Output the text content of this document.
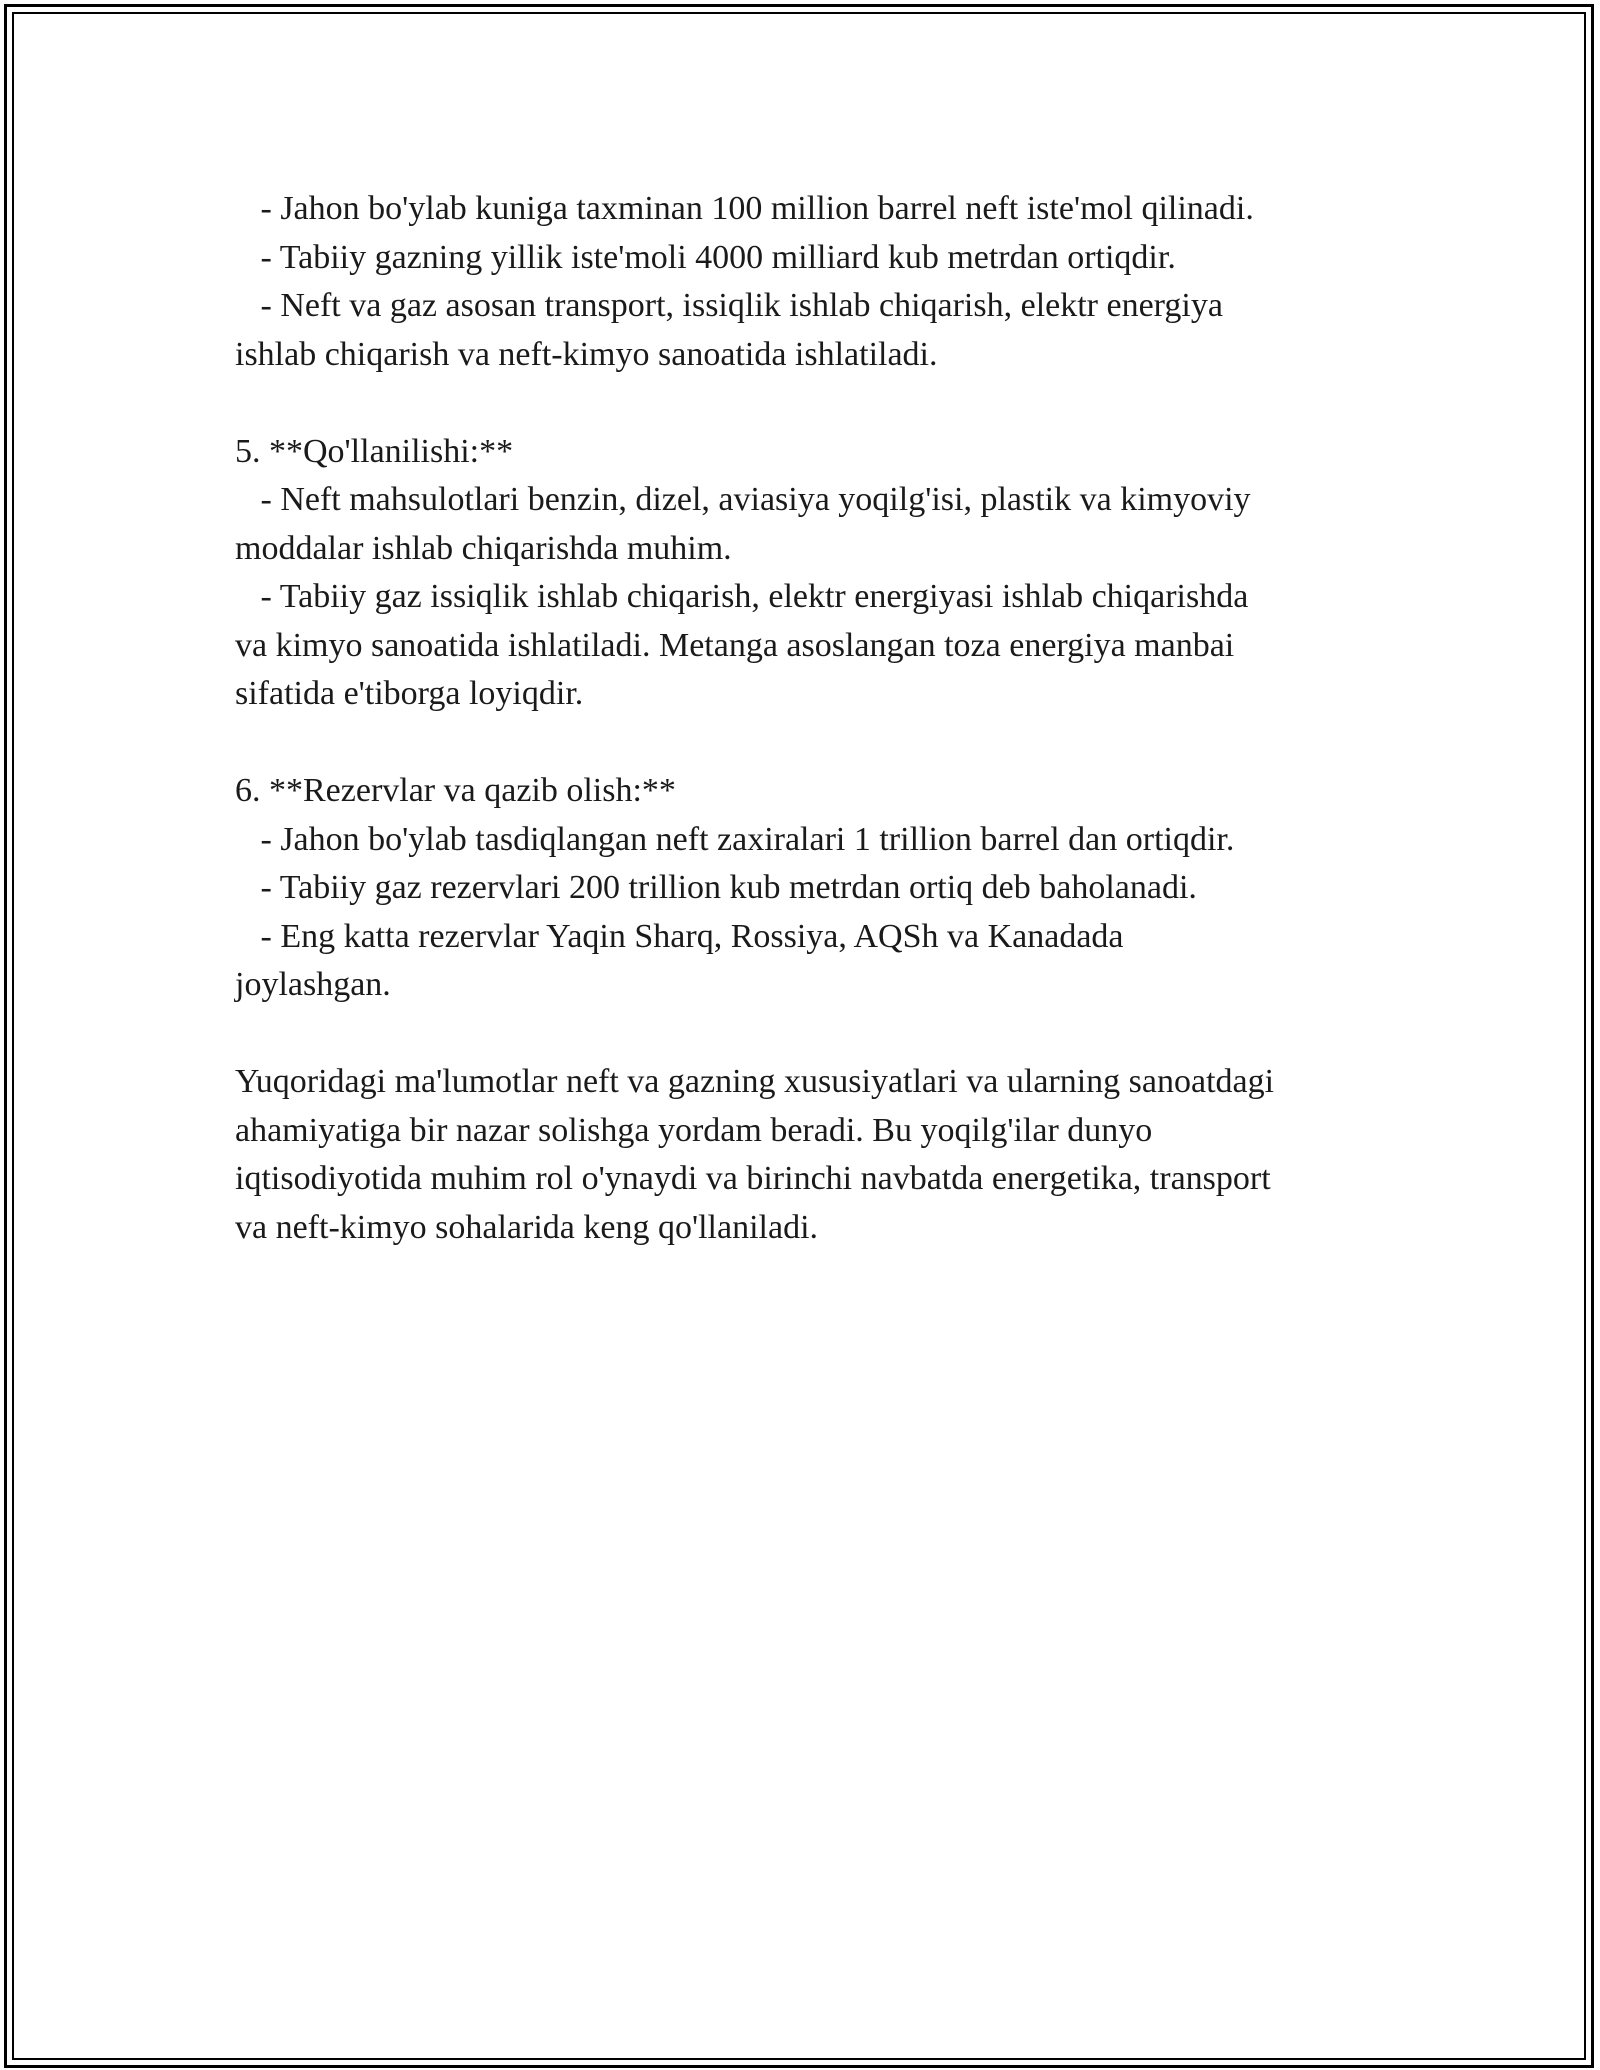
- Jahon bo'ylab kuniga taxminan 100 million barrel neft iste'mol qilinadi.
- Tabiiy gazning yillik iste'moli 4000 milliard kub metrdan ortiqdir.
- Neft va gaz asosan transport, issiqlik ishlab chiqarish, elektr energiya
ishlab chiqarish va neft-kimyo sanoatida ishlatiladi.
5. **Qo'llanilishi:**
- Neft mahsulotlari benzin, dizel, aviasiya yoqilg'isi, plastik va kimyoviy
moddalar ishlab chiqarishda muhim.
- Tabiiy gaz issiqlik ishlab chiqarish, elektr energiyasi ishlab chiqarishda
va kimyo sanoatida ishlatiladi. Metanga asoslangan toza energiya manbai
sifatida e'tiborga loyiqdir.
6. **Rezervlar va qazib olish:**
- Jahon bo'ylab tasdiqlangan neft zaxiralari 1 trillion barrel dan ortiqdir.
- Tabiiy gaz rezervlari 200 trillion kub metrdan ortiq deb baholanadi.
- Eng katta rezervlar Yaqin Sharq, Rossiya, AQSh va Kanadada
joylashgan.
Yuqoridagi ma'lumotlar neft va gazning xususiyatlari va ularning sanoatdagi
ahamiyatiga bir nazar solishga yordam beradi. Bu yoqilg'ilar dunyo
iqtisodiyotida muhim rol o'ynaydi va birinchi navbatda energetika, transport
va neft-kimyo sohalarida keng qo'llaniladi.
